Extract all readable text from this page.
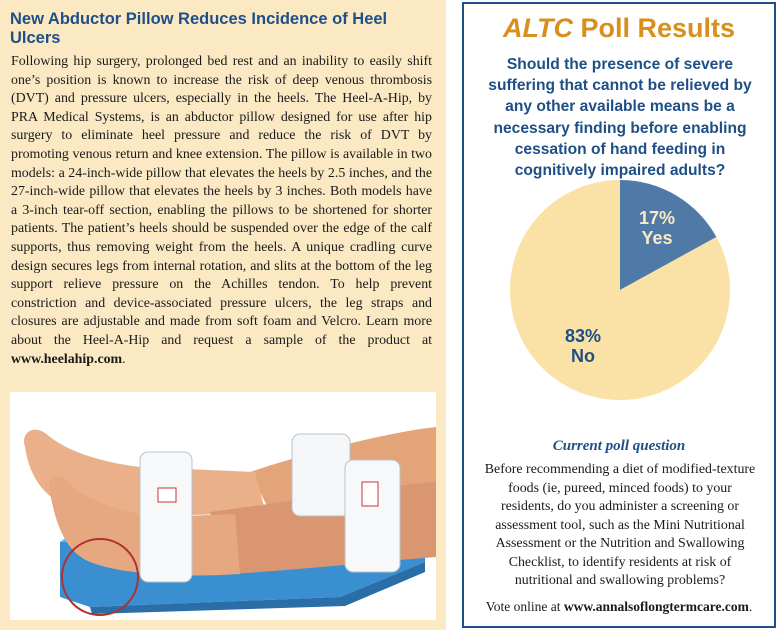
New Abductor Pillow Reduces Incidence of Heel Ulcers

Following hip surgery, prolonged bed rest and an inability to easily shift one’s position is known to increase the risk of deep venous thrombosis (DVT) and pressure ulcers, especially in the heels. The Heel-A-Hip, by PRA Medical Systems, is an abductor pillow designed for use after hip surgery to eliminate heel pressure and reduce the risk of DVT by promoting venous return and knee extension. The pillow is available in two models: a 24-inch-wide pillow that elevates the heels by 2.5 inches, and the 27-inch-wide pillow that elevates the heels by 3 inches. Both models have a 3-inch tear-off section, enabling the pillows to be shortened for shorter patients. The patient’s heels should be suspended over the edge of the calf supports, thus removing weight from the heels. A unique cradling curve design secures legs from internal rotation, and slits at the bottom of the leg support relieve pressure on the Achilles tendon. To help prevent constriction and device-associated pressure ulcers, the leg straps and closures are adjustable and made from soft foam and Velcro. Learn more about the Heel-A-Hip and request a sample of the product at www.heelahip.com.

ALTC Poll Results

Should the presence of severe suffering that cannot be relieved by any other available means be a necessary finding before enabling cessation of hand feeding in cognitively impaired adults?

17%
Yes
83%
No

Current poll question

Before recommending a diet of modified-texture foods (ie, pureed, minced foods) to your residents, do you administer a screening or assessment tool, such as the Mini Nutritional Assessment or the Nutrition and Swallowing Checklist, to identify residents at risk of nutritional and swallowing problems?

Vote online at www.annalsoflongtermcare.com.
